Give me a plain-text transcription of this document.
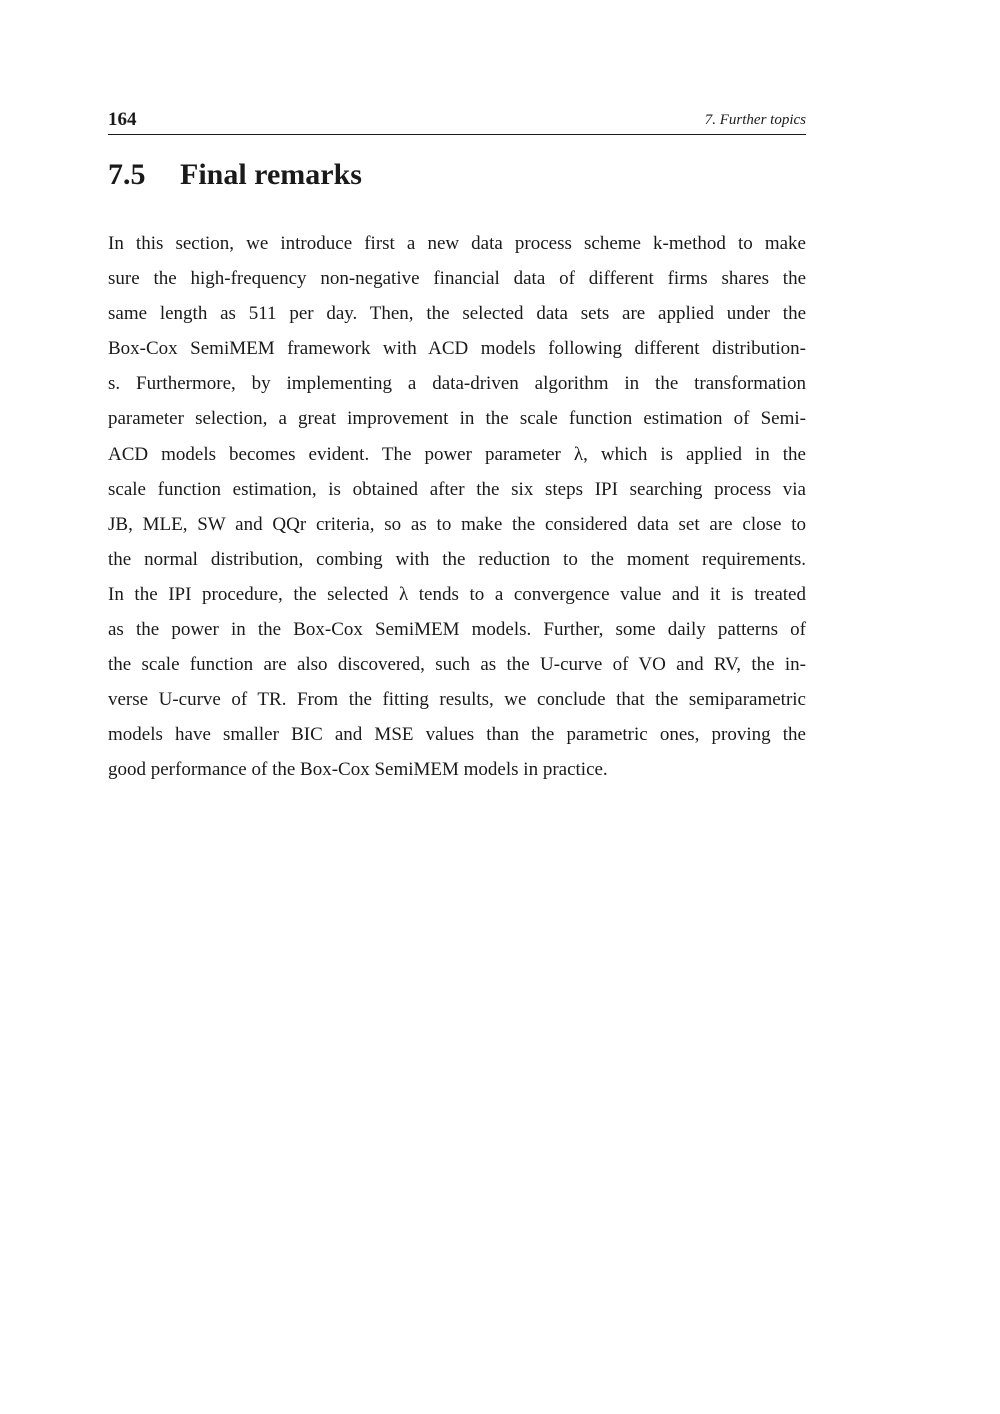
164	7. Further topics
7.5 Final remarks

In this section, we introduce first a new data process scheme k-method to make
sure the high-frequency non-negative financial data of different firms shares the
same length as 511 per day. Then, the selected data sets are applied under the
Box-Cox SemiMEM framework with ACD models following different distribution-
s. Furthermore, by implementing a data-driven algorithm in the transformation
parameter selection, a great improvement in the scale function estimation of Semi-
ACD models becomes evident. The power parameter λ, which is applied in the
scale function estimation, is obtained after the six steps IPI searching process via
JB, MLE, SW and QQr criteria, so as to make the considered data set are close to
the normal distribution, combing with the reduction to the moment requirements.
In the IPI procedure, the selected λ tends to a convergence value and it is treated
as the power in the Box-Cox SemiMEM models. Further, some daily patterns of
the scale function are also discovered, such as the U-curve of VO and RV, the in-
verse U-curve of TR. From the fitting results, we conclude that the semiparametric
models have smaller BIC and MSE values than the parametric ones, proving the
good performance of the Box-Cox SemiMEM models in practice.
